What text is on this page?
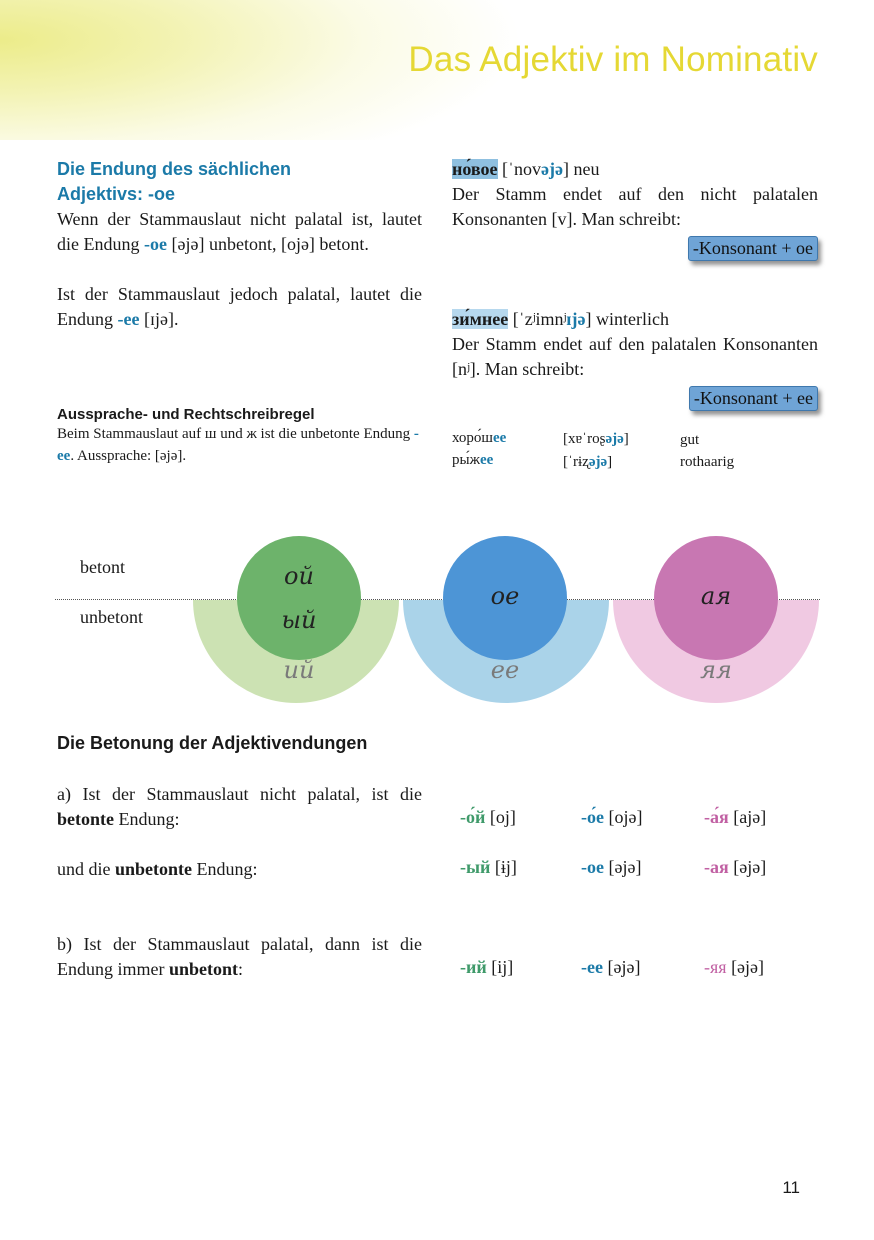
Das Adjektiv im Nominativ
Die Endung des sächlichen
Adjektivs: -oe
Wenn der Stammauslaut nicht palatal ist, lautet die Endung -oe [əjə] unbetont, [ojə] betont.
Ist der Stammauslaut jedoch palatal, lautet die Endung -ee [ɪjə].
но́вое [ˈnovəjə] neu
Der Stamm endet auf den nicht palatalen Konsonanten [v]. Man schreibt:
-Konsonant + oe
зи́мнее [ˈzʲimnʲɪjə] winterlich
Der Stamm endet auf den palatalen Konsonanten [nʲ]. Man schreibt:
-Konsonant + ee
Aussprache- und Rechtschreibregel
Beim Stammauslaut auf ш und ж ist die unbetonte Endung -ee. Aussprache: [əjə].
хоро́шее	[xɐˈroʂəjə]	gut
ры́жее	[ˈrɨʐəjə]	rothaarig
betont
unbetont
ой
ый
ий
ое
ее
ая
яя
Die Betonung der Adjektivendungen
a) Ist der Stammauslaut nicht palatal, ist die betonte Endung:	-о́й [oj]	-о́е [ojə]	-а́я [ajə]
und die unbetonte Endung:	-ый [ɨj]	-ое [əjə]	-ая [əjə]
b) Ist der Stammauslaut palatal, dann ist die Endung immer unbetont:	-ий [ij]	-ее [əjə]	-яя [əjə]
11
